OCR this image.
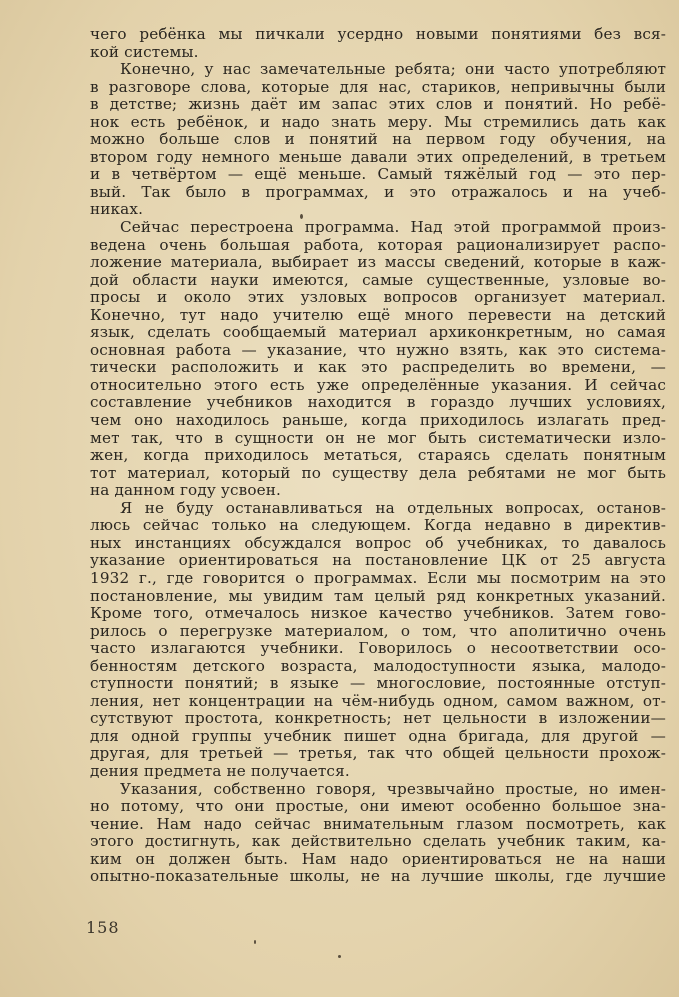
чего ребёнка мы пичкали усердно новыми понятиями без вся-

кой системы.

Конечно, у нас замечательные ребята; они часто употребляют

в разговоре слова, которые для нас, стариков, непривычны были

в детстве; жизнь даёт им запас этих слов и понятий. Но ребё-

нок есть ребёнок, и надо знать меру. Мы стремились дать как

можно больше слов и понятий на первом году обучения, на

втором году немного меньше давали этих определений, в третьем

и в четвёртом — ещё меньше. Самый тяжёлый год — это пер-

вый. Так было в программах, и это отражалось и на учеб-

никах.

Сейчас перестроена программа. Над этой программой произ-

ведена очень большая работа, которая рационализирует распо-

ложение материала, выбирает из массы сведений, которые в каж-

дой области науки имеются, самые существенные, узловые во-

просы и около этих узловых вопросов организует материал.

Конечно, тут надо учителю ещё много перевести на детский

язык, сделать сообщаемый материал архиконкретным, но самая

основная работа — указание, что нужно взять, как это система-

тически расположить и как это распределить во времени, —

относительно этого есть уже определённые указания. И сейчас

составление учебников находится в гораздо лучших условиях,

чем оно находилось раньше, когда приходилось излагать пред-

мет так, что в сущности он не мог быть систематически изло-

жен, когда приходилось метаться, стараясь сделать понятным

тот материал, который по существу дела ребятами не мог быть

на данном году усвоен.

Я не буду останавливаться на отдельных вопросах, останов-

люсь сейчас только на следующем. Когда недавно в директив-

ных инстанциях обсуждался вопрос об учебниках, то давалось

указание ориентироваться на постановление ЦК от 25 августа

1932 г., где говорится о программах. Если мы посмотрим на это

постановление, мы увидим там целый ряд конкретных указаний.

Кроме того, отмечалось низкое качество учебников. Затем гово-

рилось о перегрузке материалом, о том, что аполитично очень

часто излагаются учебники. Говорилось о несоответствии осо-

бенностям детского возраста, малодоступности языка, малодо-

ступности понятий; в языке — многословие, постоянные отступ-

ления, нет концентрации на чём-нибудь одном, самом важном, от-

сутствуют простота, конкретность; нет цельности в изложении—

для одной группы учебник пишет одна бригада, для другой —

другая, для третьей — третья, так что общей цельности прохож-

дения предмета не получается.

Указания, собственно говоря, чрезвычайно простые, но имен-

но потому, что они простые, они имеют особенно большое зна-

чение. Нам надо сейчас внимательным глазом посмотреть, как

этого достигнуть, как действительно сделать учебник таким, ка-

ким он должен быть. Нам надо ориентироваться не на наши

опытно-показательные школы, не на лучшие школы, где лучшие

158
